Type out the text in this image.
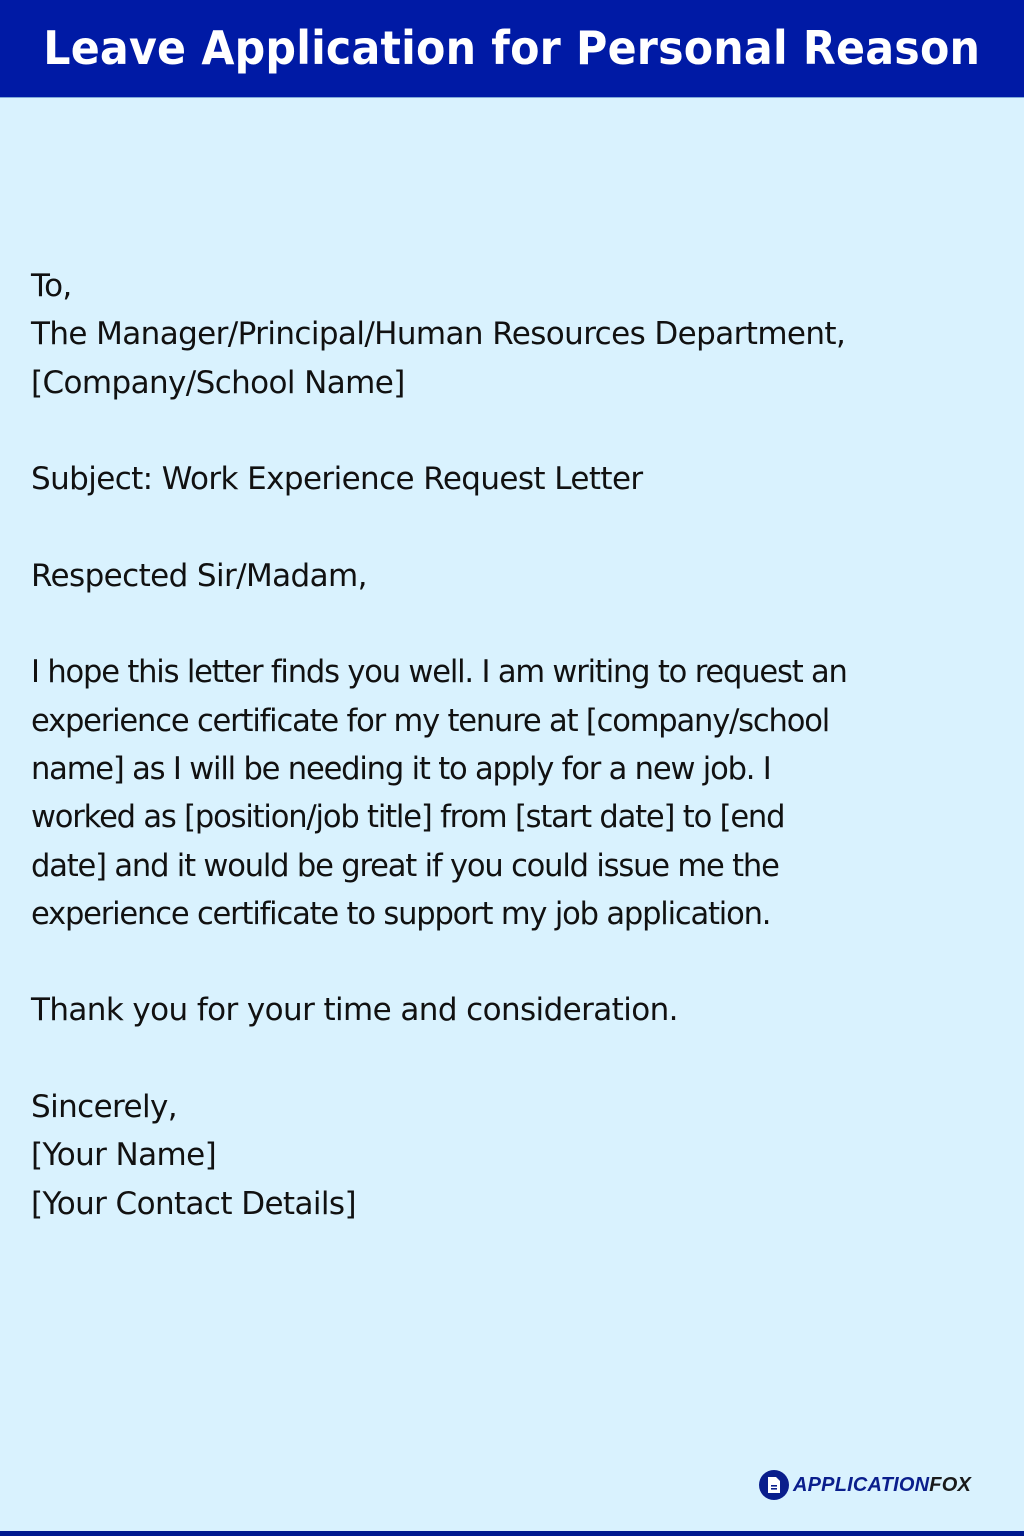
Leave Application for Personal Reason
To,
The Manager/Principal/Human Resources Department,
[Company/School Name]
Subject: Work Experience Request Letter
Respected Sir/Madam,
I hope this letter finds you well. I am writing to request an
experience certificate for my tenure at [company/school
name] as I will be needing it to apply for a new job. I
worked as [position/job title] from [start date] to [end
date] and it would be great if you could issue me the
experience certificate to support my job application.
Thank you for your time and consideration.
Sincerely,
[Your Name]
[Your Contact Details]
APPLICATIONFOX
